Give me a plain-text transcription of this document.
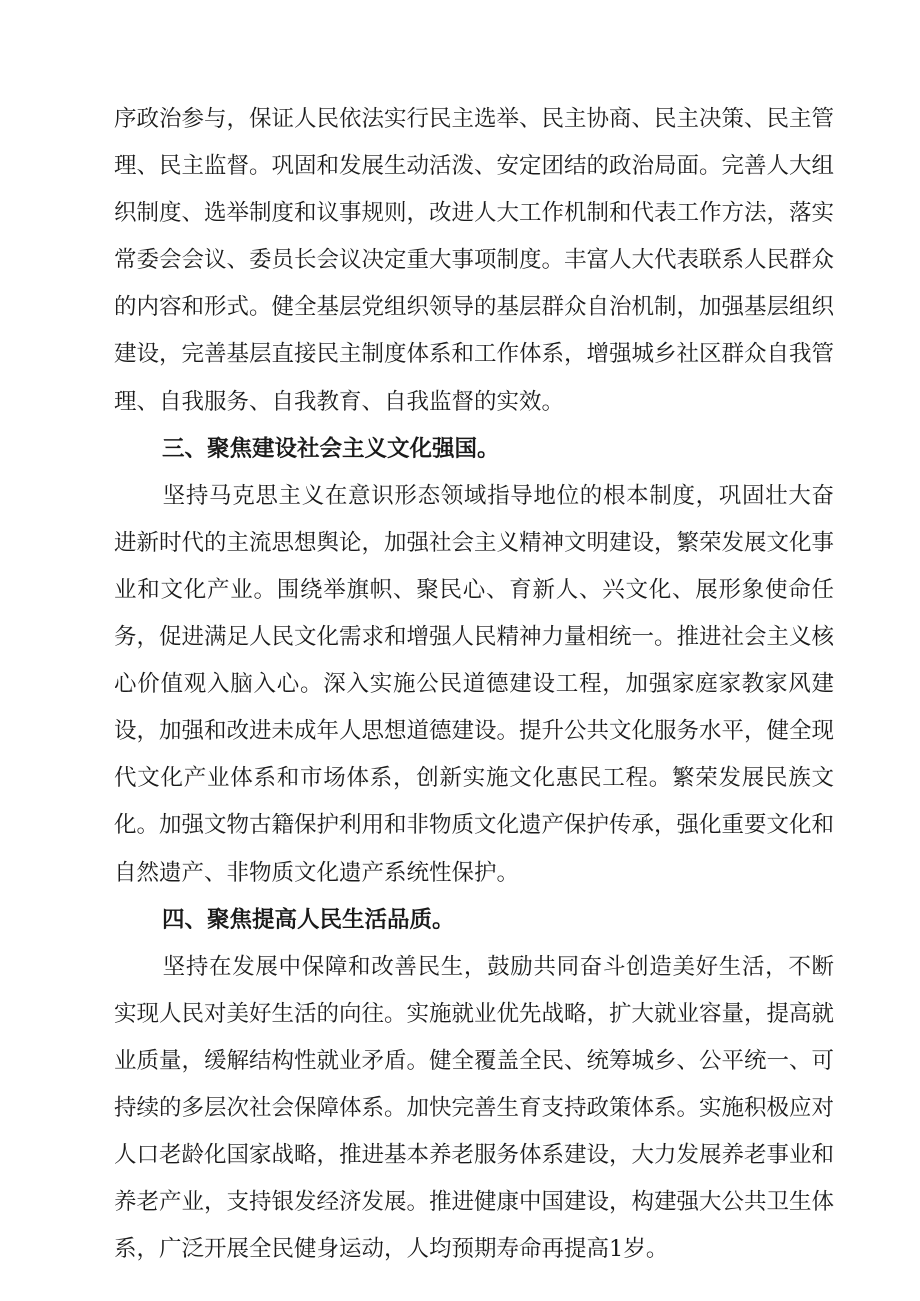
序政治参与，保证人民依法实行民主选举、民主协商、民主决策、民主管理、民主监督。巩固和发展生动活泼、安定团结的政治局面。完善人大组织制度、选举制度和议事规则，改进人大工作机制和代表工作方法，落实常委会会议、委员长会议决定重大事项制度。丰富人大代表联系人民群众的内容和形式。健全基层党组织领导的基层群众自治机制，加强基层组织建设，完善基层直接民主制度体系和工作体系，增强城乡社区群众自我管理、自我服务、自我教育、自我监督的实效。

三、聚焦建设社会主义文化强国。

坚持马克思主义在意识形态领域指导地位的根本制度，巩固壮大奋进新时代的主流思想舆论，加强社会主义精神文明建设，繁荣发展文化事业和文化产业。围绕举旗帜、聚民心、育新人、兴文化、展形象使命任务，促进满足人民文化需求和增强人民精神力量相统一。推进社会主义核心价值观入脑入心。深入实施公民道德建设工程，加强家庭家教家风建设，加强和改进未成年人思想道德建设。提升公共文化服务水平，健全现代文化产业体系和市场体系，创新实施文化惠民工程。繁荣发展民族文化。加强文物古籍保护利用和非物质文化遗产保护传承，强化重要文化和自然遗产、非物质文化遗产系统性保护。

四、聚焦提高人民生活品质。

坚持在发展中保障和改善民生，鼓励共同奋斗创造美好生活，不断实现人民对美好生活的向往。实施就业优先战略，扩大就业容量，提高就业质量，缓解结构性就业矛盾。健全覆盖全民、统筹城乡、公平统一、可持续的多层次社会保障体系。加快完善生育支持政策体系。实施积极应对人口老龄化国家战略，推进基本养老服务体系建设，大力发展养老事业和养老产业，支持银发经济发展。推进健康中国建设，构建强大公共卫生体系，广泛开展全民健身运动，人均预期寿命再提高1岁。
